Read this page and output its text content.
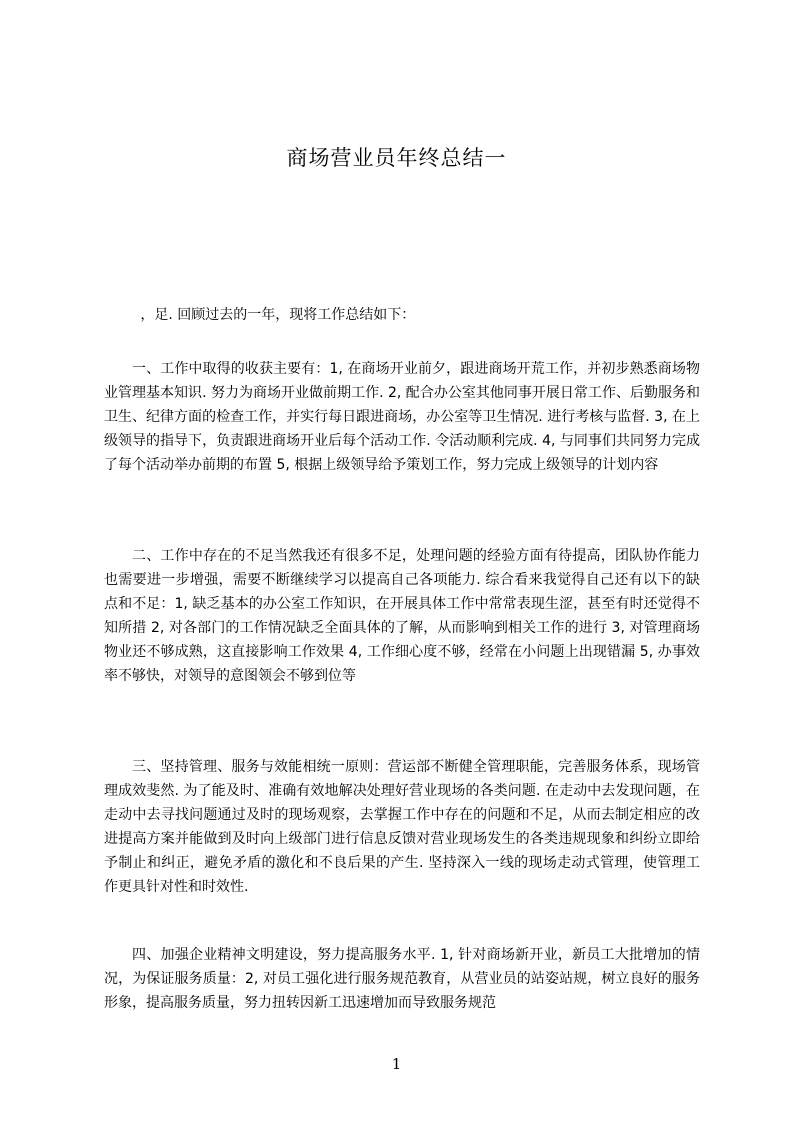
商场营业员年终总结一

，足. 回顾过去的一年，现将工作总结如下：

一、工作中取得的收获主要有：1, 在商场开业前夕，跟进商场开荒工作，并初步熟悉商场物业管理基本知识. 努力为商场开业做前期工作. 2, 配合办公室其他同事开展日常工作、后勤服务和卫生、纪律方面的检查工作，并实行每日跟进商场，办公室等卫生情况. 进行考核与监督. 3, 在上级领导的指导下，负责跟进商场开业后每个活动工作. 令活动顺利完成. 4, 与同事们共同努力完成了每个活动举办前期的布置 5, 根据上级领导给予策划工作，努力完成上级领导的计划内容

二、工作中存在的不足当然我还有很多不足，处理问题的经验方面有待提高，团队协作能力也需要进一步增强，需要不断继续学习以提高自己各项能力. 综合看来我觉得自己还有以下的缺点和不足：1, 缺乏基本的办公室工作知识，在开展具体工作中常常表现生涩，甚至有时还觉得不知所措 2, 对各部门的工作情况缺乏全面具体的了解，从而影响到相关工作的进行 3, 对管理商场物业还不够成熟，这直接影响工作效果 4, 工作细心度不够，经常在小问题上出现错漏 5, 办事效率不够快，对领导的意图领会不够到位等

三、坚持管理、服务与效能相统一原则：营运部不断健全管理职能，完善服务体系，现场管理成效斐然. 为了能及时、准确有效地解决处理好营业现场的各类问题. 在走动中去发现问题，在走动中去寻找问题通过及时的现场观察，去掌握工作中存在的问题和不足，从而去制定相应的改进提高方案并能做到及时向上级部门进行信息反馈对营业现场发生的各类违规现象和纠纷立即给予制止和纠正，避免矛盾的激化和不良后果的产生. 坚持深入一线的现场走动式管理，使管理工作更具针对性和时效性.

四、加强企业精神文明建设，努力提高服务水平. 1, 针对商场新开业，新员工大批增加的情况，为保证服务质量：2, 对员工强化进行服务规范教育，从营业员的站姿站规，树立良好的服务形象，提高服务质量，努力扭转因新工迅速增加而导致服务规范

1
